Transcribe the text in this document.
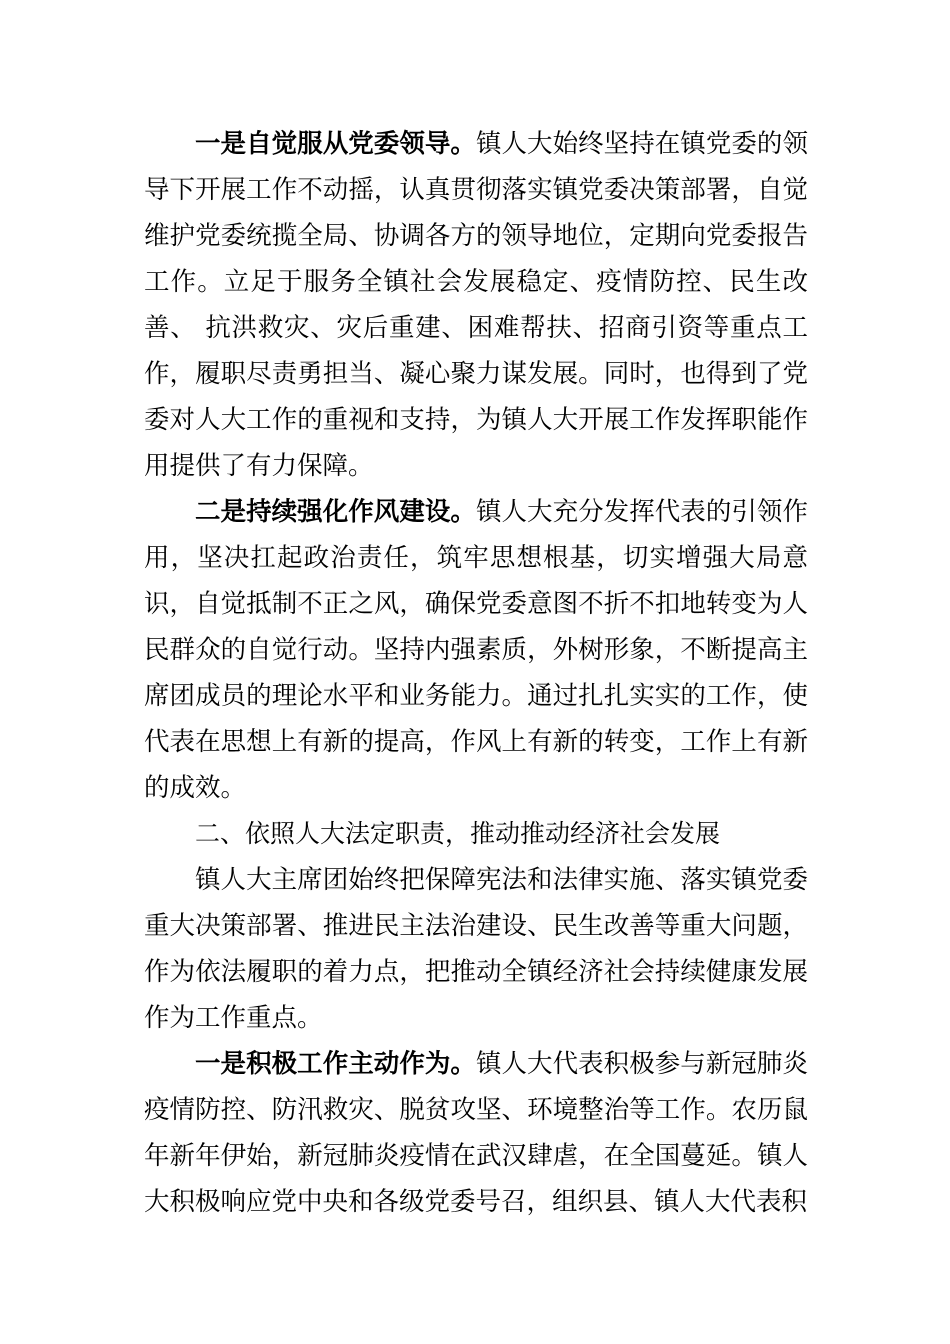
一是自觉服从党委领导。镇人大始终坚持在镇党委的领导下开展工作不动摇，认真贯彻落实镇党委决策部署，自觉维护党委统揽全局、协调各方的领导地位，定期向党委报告工作。立足于服务全镇社会发展稳定、疫情防控、民生改善、 抗洪救灾、灾后重建、困难帮扶、招商引资等重点工作，履职尽责勇担当、凝心聚力谋发展。同时，也得到了党委对人大工作的重视和支持，为镇人大开展工作发挥职能作用提供了有力保障。

二是持续强化作风建设。镇人大充分发挥代表的引领作用，坚决扛起政治责任，筑牢思想根基，切实增强大局意识，自觉抵制不正之风，确保党委意图不折不扣地转变为人民群众的自觉行动。坚持内强素质，外树形象，不断提高主席团成员的理论水平和业务能力。通过扎扎实实的工作，使代表在思想上有新的提高，作风上有新的转变，工作上有新的成效。

二、依照人大法定职责，推动推动经济社会发展

镇人大主席团始终把保障宪法和法律实施、落实镇党委重大决策部署、推进民主法治建设、民生改善等重大问题， 作为依法履职的着力点，把推动全镇经济社会持续健康发展作为工作重点。

一是积极工作主动作为。镇人大代表积极参与新冠肺炎疫情防控、防汛救灾、脱贫攻坚、环境整治等工作。农历鼠年新年伊始，新冠肺炎疫情在武汉肆虐，在全国蔓延。镇人大积极响应党中央和各级党委号召，组织县、镇人大代表积
